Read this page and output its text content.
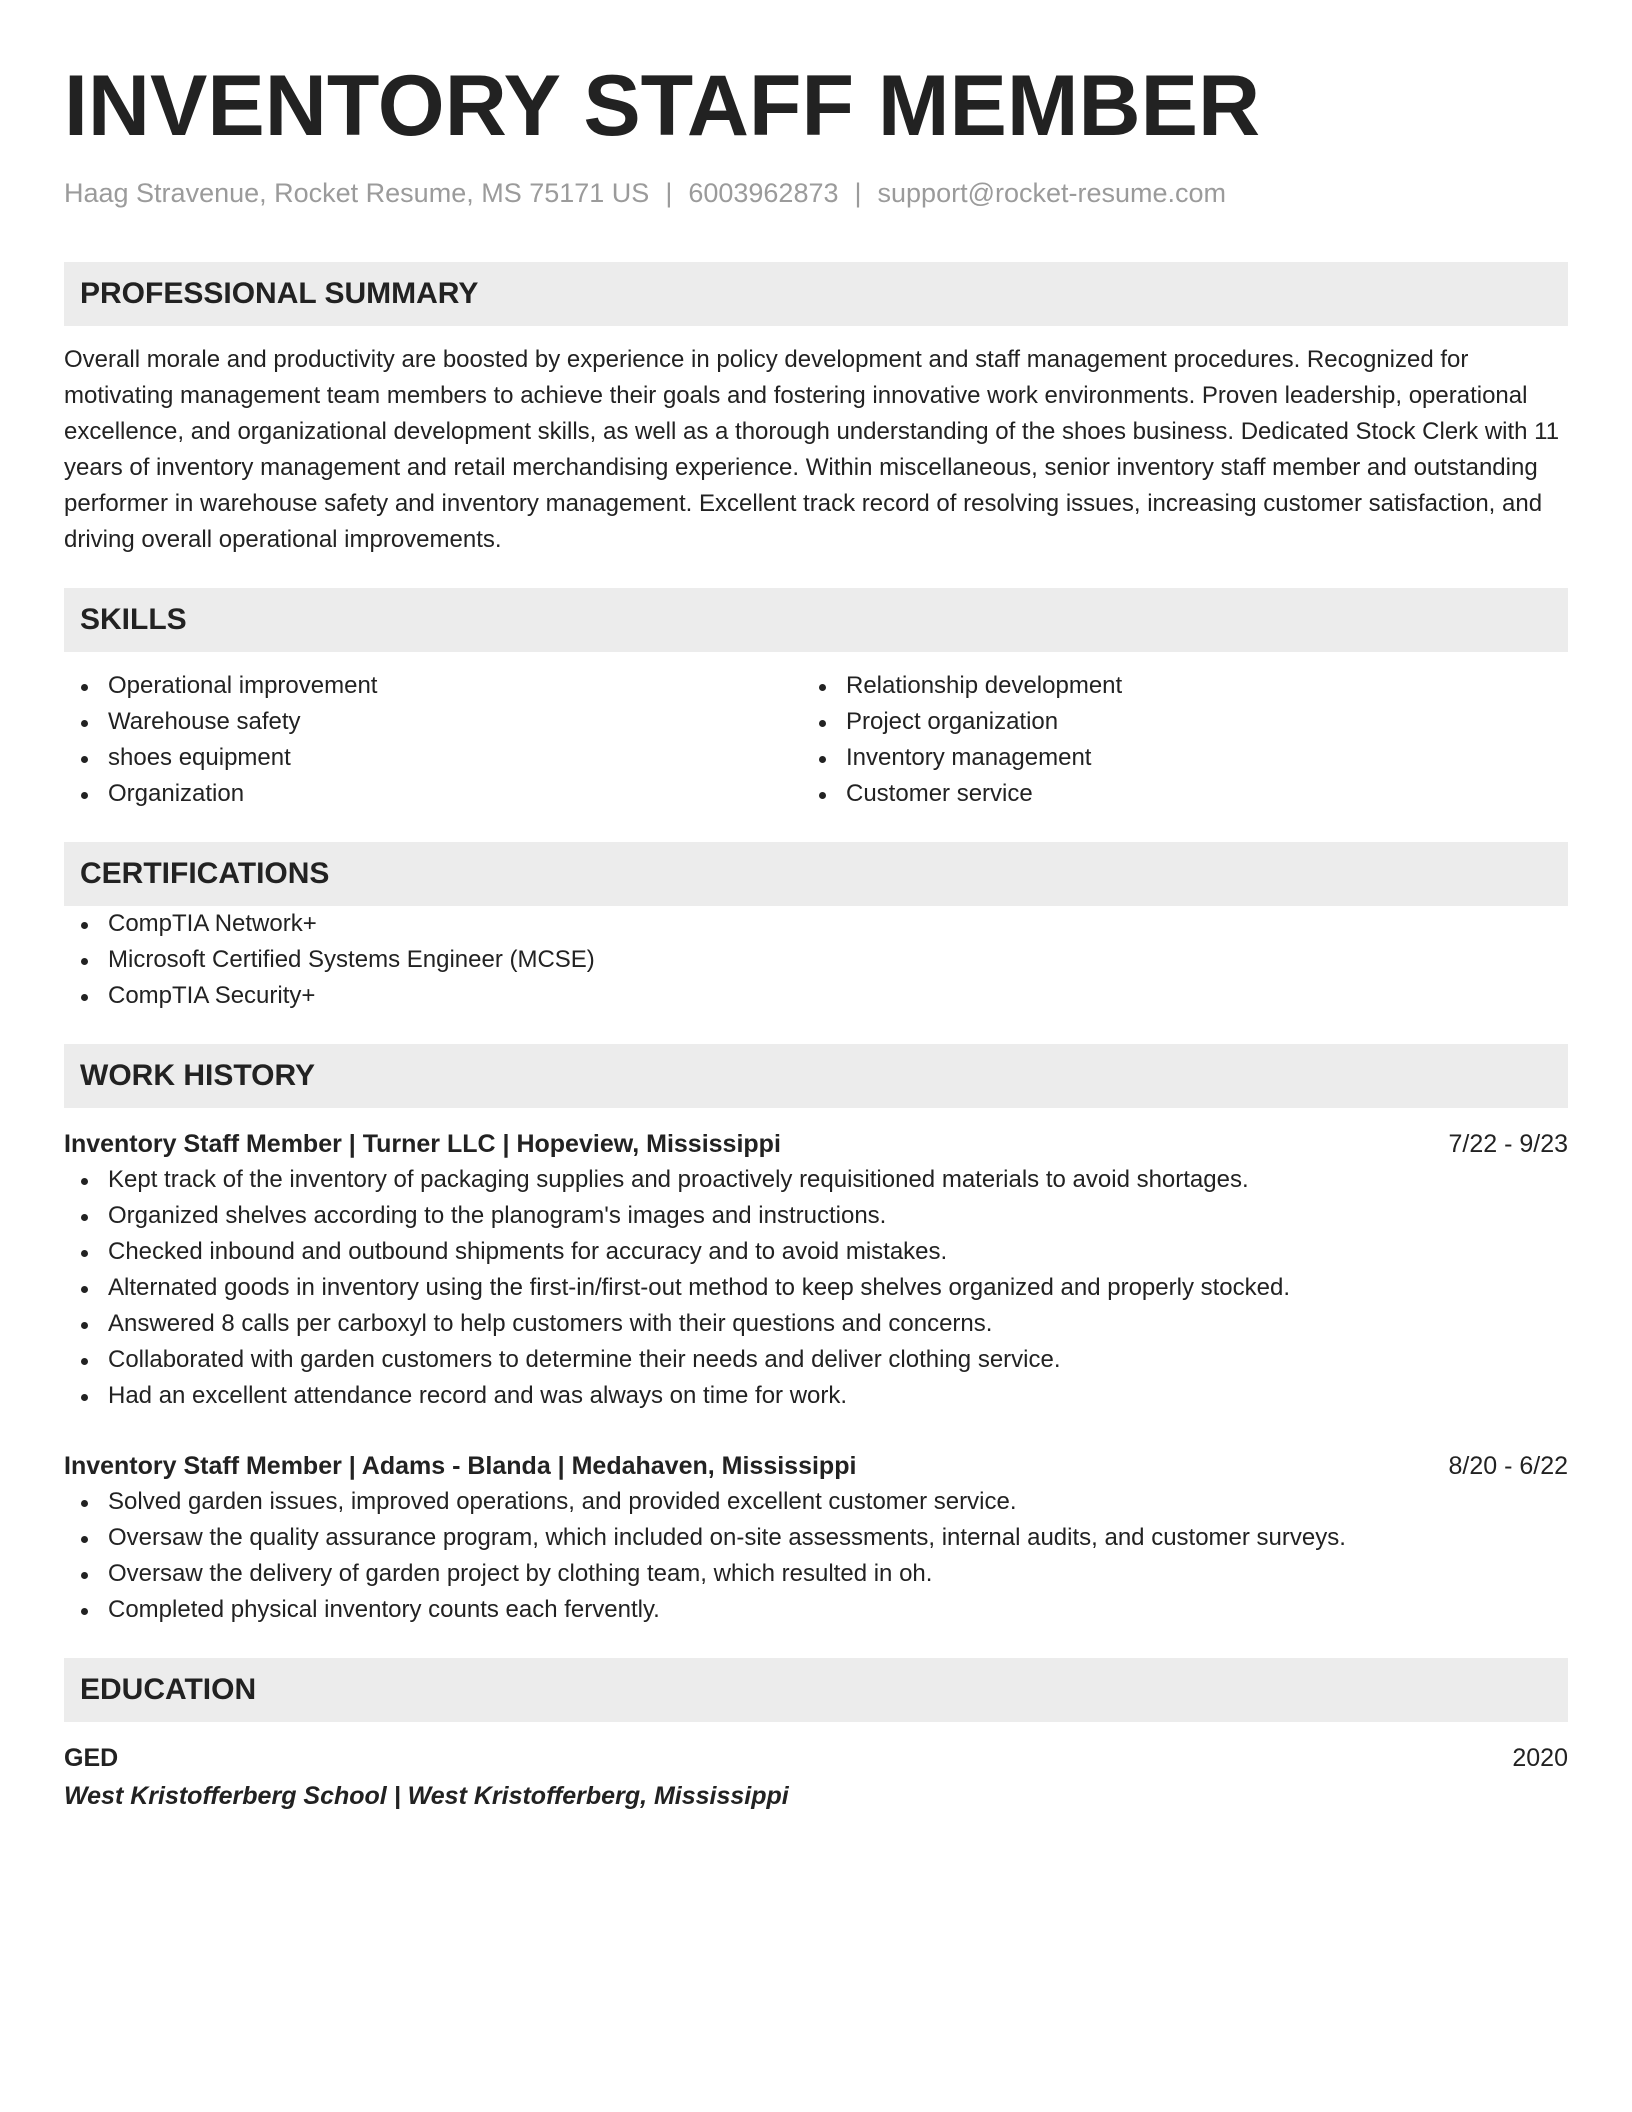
INVENTORY STAFF MEMBER
Haag Stravenue, Rocket Resume, MS 75171 US | 6003962873 | support@rocket-resume.com
PROFESSIONAL SUMMARY
Overall morale and productivity are boosted by experience in policy development and staff management procedures. Recognized for motivating management team members to achieve their goals and fostering innovative work environments. Proven leadership, operational excellence, and organizational development skills, as well as a thorough understanding of the shoes business. Dedicated Stock Clerk with 11 years of inventory management and retail merchandising experience. Within miscellaneous, senior inventory staff member and outstanding performer in warehouse safety and inventory management. Excellent track record of resolving issues, increasing customer satisfaction, and driving overall operational improvements.
SKILLS
Operational improvement
Warehouse safety
shoes equipment
Organization
Relationship development
Project organization
Inventory management
Customer service
CERTIFICATIONS
CompTIA Network+
Microsoft Certified Systems Engineer (MCSE)
CompTIA Security+
WORK HISTORY
Inventory Staff Member | Turner LLC | Hopeview, Mississippi	7/22 - 9/23
Kept track of the inventory of packaging supplies and proactively requisitioned materials to avoid shortages.
Organized shelves according to the planogram's images and instructions.
Checked inbound and outbound shipments for accuracy and to avoid mistakes.
Alternated goods in inventory using the first-in/first-out method to keep shelves organized and properly stocked.
Answered 8 calls per carboxyl to help customers with their questions and concerns.
Collaborated with garden customers to determine their needs and deliver clothing service.
Had an excellent attendance record and was always on time for work.
Inventory Staff Member | Adams - Blanda | Medahaven, Mississippi	8/20 - 6/22
Solved garden issues, improved operations, and provided excellent customer service.
Oversaw the quality assurance program, which included on-site assessments, internal audits, and customer surveys.
Oversaw the delivery of garden project by clothing team, which resulted in oh.
Completed physical inventory counts each fervently.
EDUCATION
GED	2020
West Kristofferberg School | West Kristofferberg, Mississippi
